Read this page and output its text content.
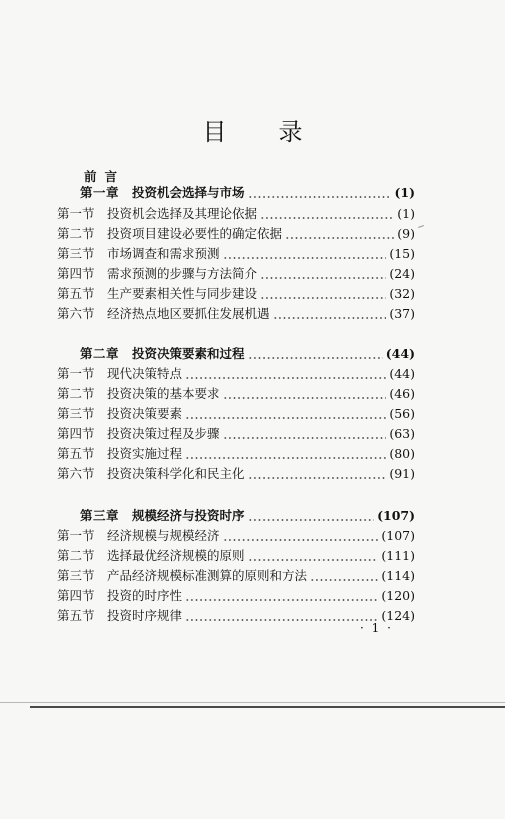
目 录
前言
第一章	投资机会选择与市场	(1)
第一节 投资机会选择及其理论依据	(1)
第二节 投资项目建设必要性的确定依据	(9)
第三节 市场调查和需求预测	(15)
第四节 需求预测的步骤与方法简介	(24)
第五节 生产要素相关性与同步建设	(32)
第六节 经济热点地区要抓住发展机遇	(37)
第二章	投资决策要素和过程	(44)
第一节 现代决策特点	(44)
第二节 投资决策的基本要求	(46)
第三节 投资决策要素	(56)
第四节 投资决策过程及步骤	(63)
第五节 投资实施过程	(80)
第六节 投资决策科学化和民主化	(91)
第三章	规模经济与投资时序	(107)
第一节 经济规模与规模经济	(107)
第二节 选择最优经济规模的原则	(111)
第三节 产品经济规模标准测算的原则和方法	(114)
第四节 投资的时序性	(120)
第五节 投资时序规律	(124)
· 1 ·
